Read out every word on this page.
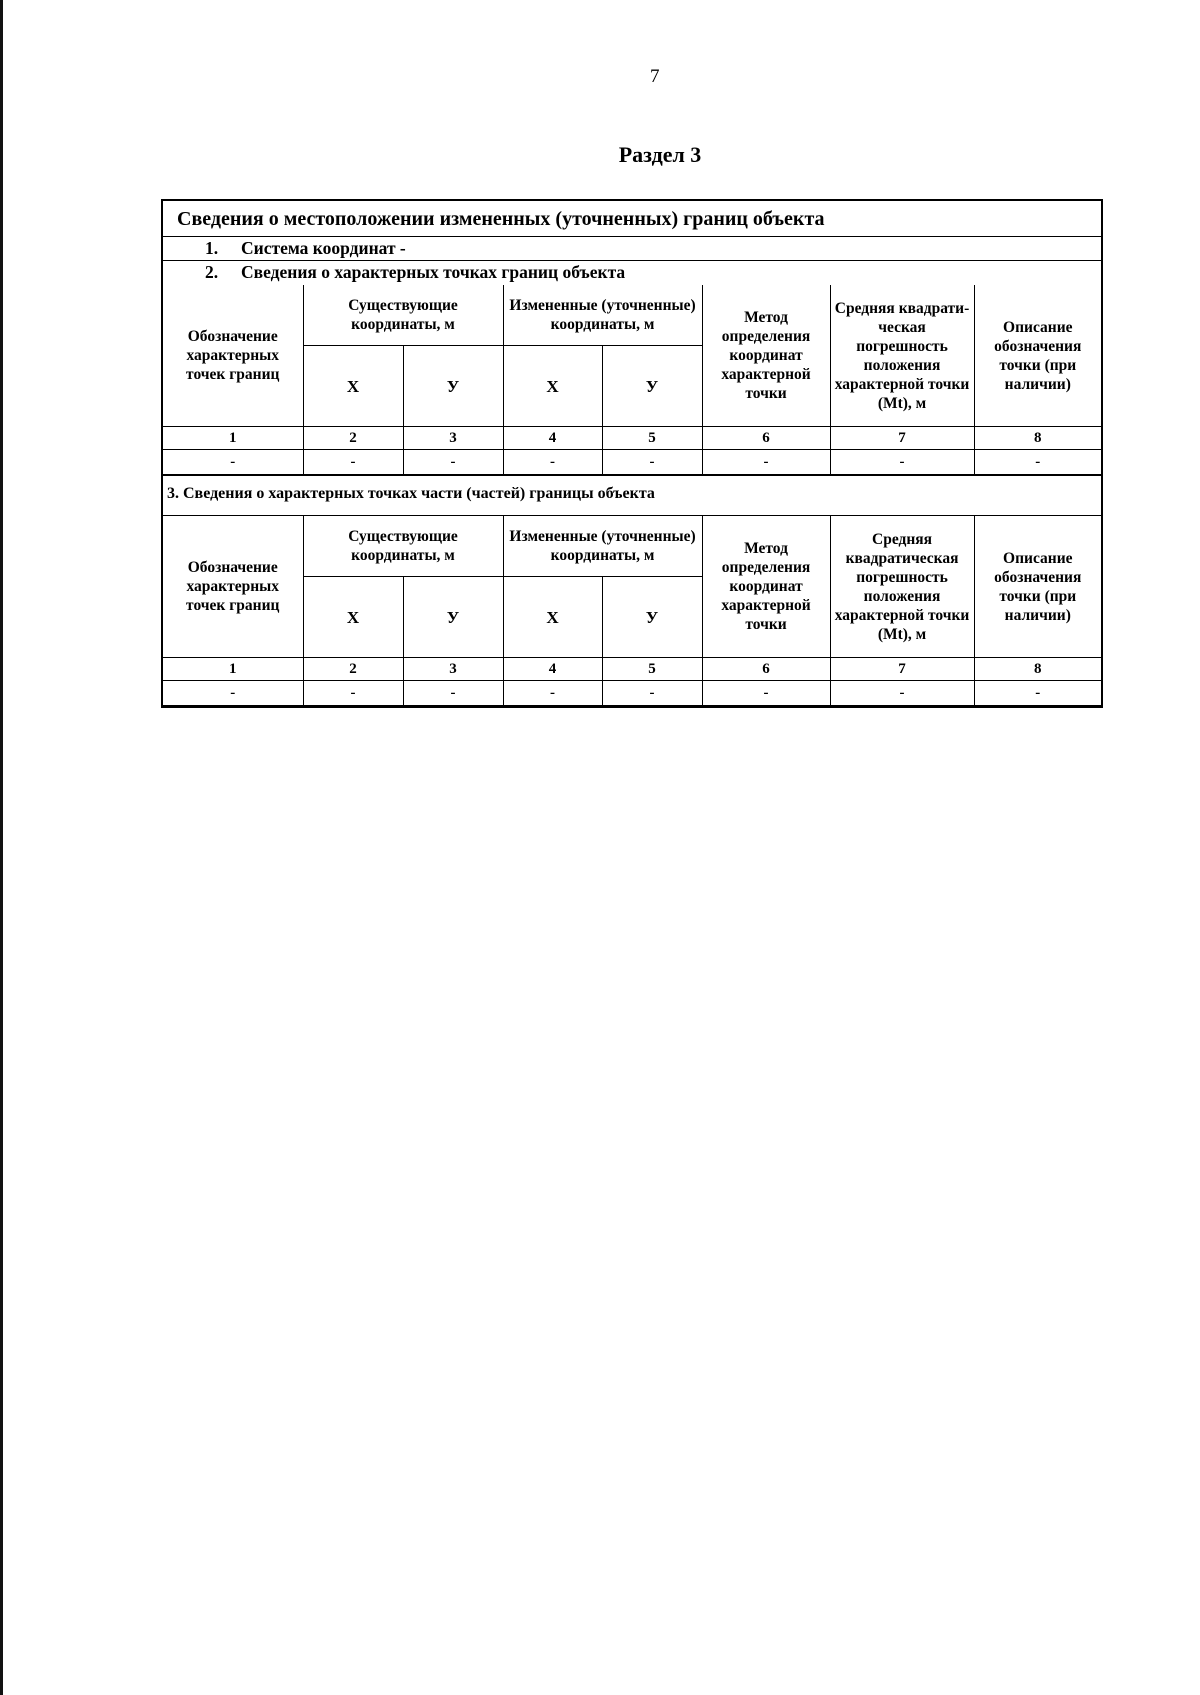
7
Раздел 3
Сведения о местоположении измененных (уточненных) границ объекта
1. Система координат -
2. Сведения о характерных точках границ объекта
Обозначение характерных точек границ	Существующие координаты, м		Измененные (уточненные) координаты, м		Метод определения координат характерной точки	Средняя квадрати-ческая погрешность положения характерной точки (Mt), м	Описание обозначения точки (при наличии)
	Х	У	Х	У			
1	2	3	4	5	6	7	8
-	-	-	-	-	-	-	-
3. Сведения о характерных точках части (частей) границы объекта
Обозначение характерных точек границ	Существующие координаты, м		Измененные (уточненные) координаты, м		Метод определения координат характерной точки	Средняя квадратическая погрешность положения характерной точки (Mt), м	Описание обозначения точки (при наличии)
	Х	У	Х	У			
1	2	3	4	5	6	7	8
-	-	-	-	-	-	-	-
